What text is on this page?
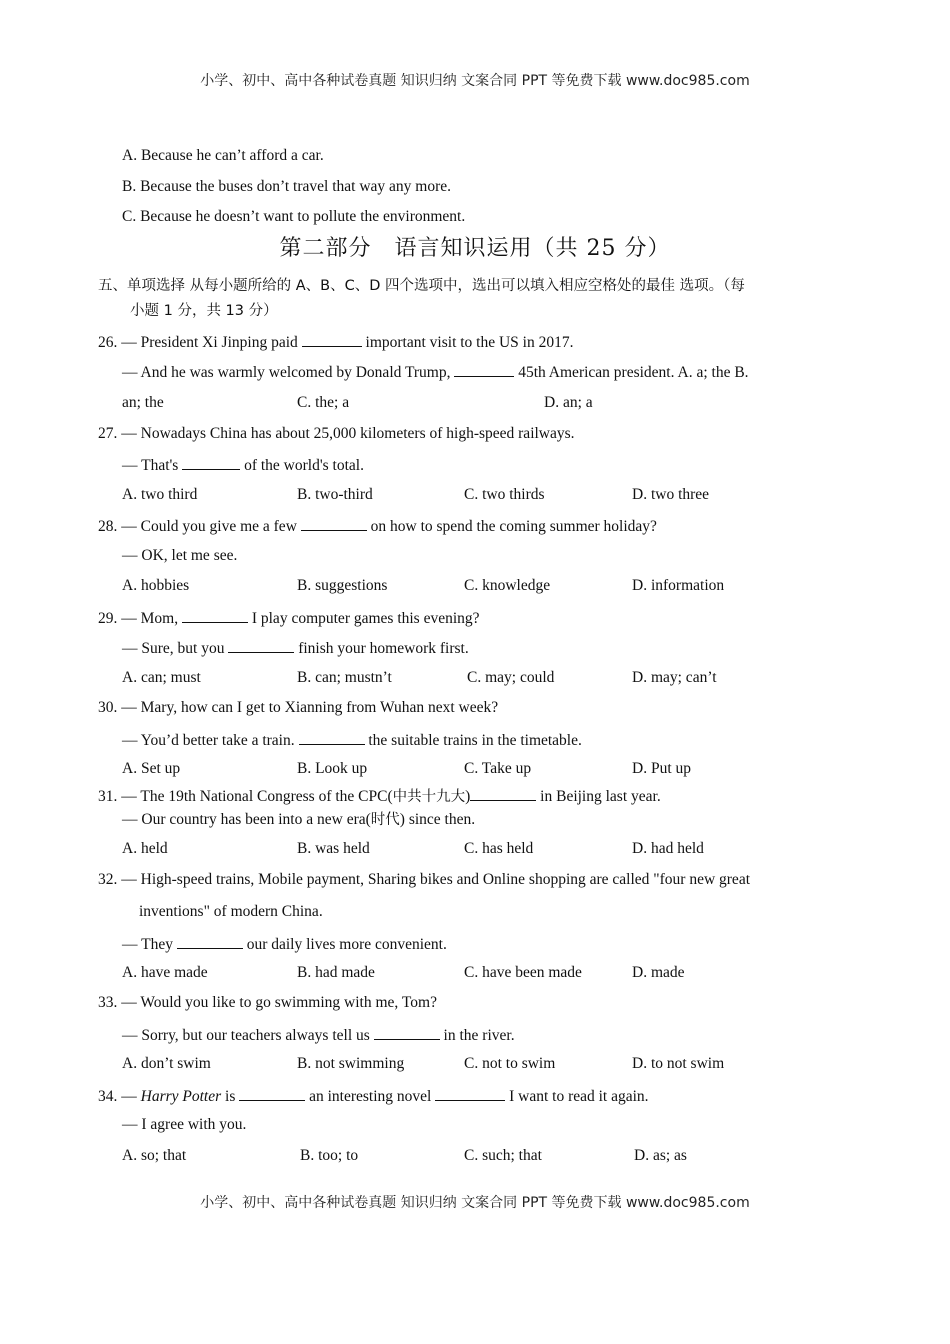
小学、初中、高中各种试卷真题 知识归纳 文案合同 PPT 等免费下载 www.doc985.com
A. Because he can’t afford a car.
B. Because the buses don’t travel that way any more.
C. Because he doesn’t want to pollute the environment.
第二部分　语言知识运用（共 25 分）
五、单项选择 从每小题所给的 A、B、C、D 四个选项中，选出可以填入相应空格处的最佳 选项。（每
小题 1 分，共 13 分）
26. — President Xi Jinping paid	important visit to the US in 2017.
— And he was warmly welcomed by Donald Trump,	45th American president. A. a; the B.
an; the	C. the; a	D. an; a
27. — Nowadays China has about 25,000 kilometers of high-speed railways.
— That's	of the world's total.
A. two third	B. two-third	C. two thirds	D. two three
28. — Could you give me a few	on how to spend the coming summer holiday?
— OK, let me see.
A. hobbies	B. suggestions	C. knowledge	D. information
29. — Mom,	I play computer games this evening?
— Sure, but you	finish your homework first.
A. can; must	B. can; mustn’t	C. may; could	D. may; can’t
30. — Mary, how can I get to Xianning from Wuhan next week?
— You’d better take a train.	the suitable trains in the timetable.
A. Set up	B. Look up	C. Take up	D. Put up
31. — The 19th National Congress of the CPC(中共十九大)	in Beijing last year.
— Our country has been into a new era(时代) since then.
A. held	B. was held	C. has held	D. had held
32. — High-speed trains, Mobile payment, Sharing bikes and Online shopping are called "four new great
inventions" of modern China.
— They	our daily lives more convenient.
A. have made	B. had made	C. have been made	D. made
33. — Would you like to go swimming with me, Tom?
— Sorry, but our teachers always tell us	in the river.
A. don’t swim	B. not swimming	C. not to swim	D. to not swim
34. — Harry Potter is	an interesting novel	I want to read it again.
— I agree with you.
A. so; that	B. too; to	C. such; that	D. as; as
小学、初中、高中各种试卷真题 知识归纳 文案合同 PPT 等免费下载 www.doc985.com
